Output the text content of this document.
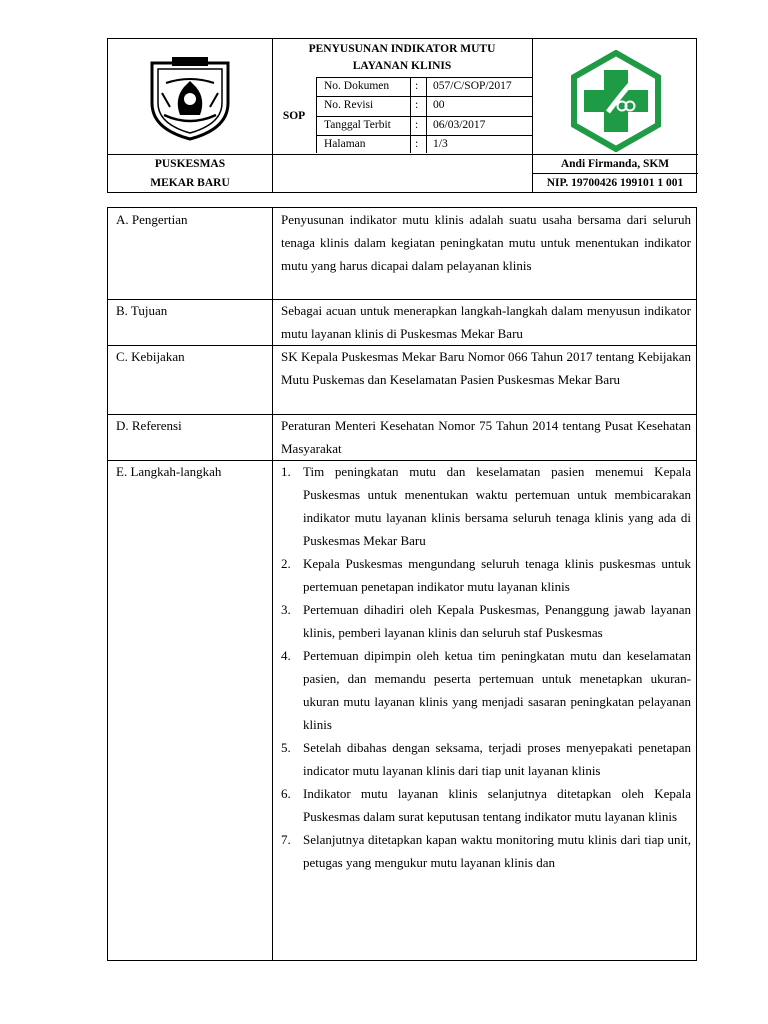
PENYUSUNAN INDIKATOR MUTU
LAYANAN KLINIS
SOP
No. Dokumen : 057/C/SOP/2017
No. Revisi	: 00
Tanggal Terbit : 06/03/2017
Halaman	: 1/3
PUSKESMAS
MEKAR BARU
Andi Firmanda, SKM
NIP. 19700426 199101 1 001
A. Pengertian	Penyusunan indikator mutu klinis adalah suatu usaha bersama dari seluruh tenaga klinis dalam kegiatan peningkatan mutu untuk menentukan indikator mutu yang harus dicapai dalam pelayanan klinis
B. Tujuan	Sebagai acuan untuk menerapkan langkah-langkah dalam menyusun indikator mutu layanan klinis di Puskesmas Mekar Baru
C. Kebijakan	SK Kepala Puskesmas Mekar Baru Nomor 066 Tahun 2017 tentang Kebijakan Mutu Puskemas dan Keselamatan Pasien Puskesmas Mekar Baru
D. Referensi	Peraturan Menteri Kesehatan Nomor 75 Tahun 2014 tentang Pusat Kesehatan Masyarakat
E. Langkah-langkah	1. Tim peningkatan mutu dan keselamatan pasien menemui Kepala Puskesmas untuk menentukan waktu pertemuan untuk membicarakan indikator mutu layanan klinis bersama seluruh tenaga klinis yang ada di Puskesmas Mekar Baru
2. Kepala Puskesmas mengundang seluruh tenaga klinis puskesmas untuk pertemuan penetapan indikator mutu layanan klinis
3. Pertemuan dihadiri oleh Kepala Puskesmas, Penanggung jawab layanan klinis, pemberi layanan klinis dan seluruh staf Puskesmas
4. Pertemuan dipimpin oleh ketua tim peningkatan mutu dan keselamatan pasien, dan memandu peserta pertemuan untuk menetapkan ukuran-ukuran mutu layanan klinis yang menjadi sasaran peningkatan pelayanan klinis
5. Setelah dibahas dengan seksama, terjadi proses menyepakati penetapan indicator mutu layanan klinis dari tiap unit layanan klinis
6. Indikator mutu layanan klinis selanjutnya ditetapkan oleh Kepala Puskesmas dalam surat keputusan tentang indikator mutu layanan klinis
7. Selanjutnya ditetapkan kapan waktu monitoring mutu klinis dari tiap unit, petugas yang mengukur mutu layanan klinis dan
